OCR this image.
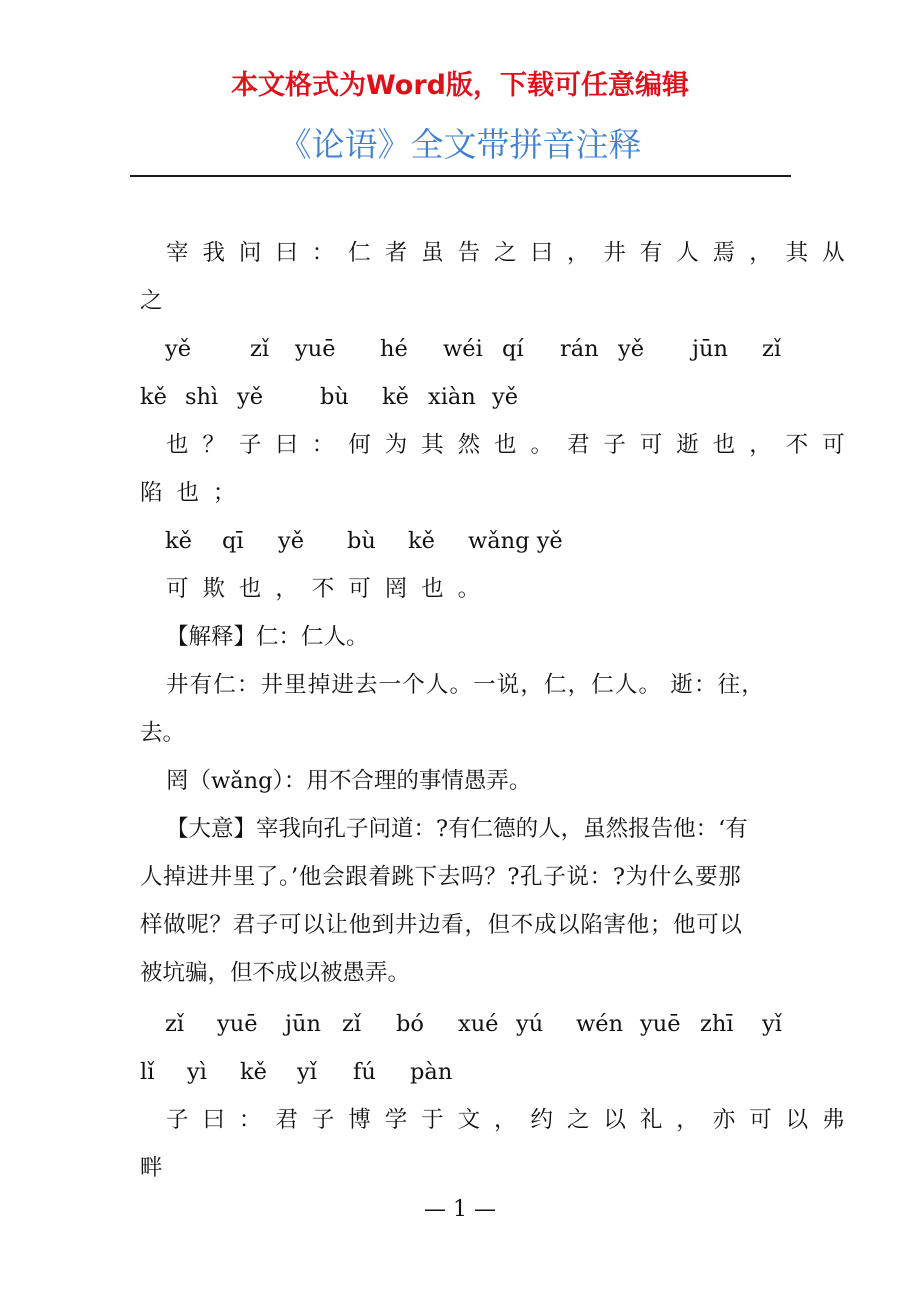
本文格式为Word版，下载可任意编辑
《论语》全文带拼音注释
宰我问曰：仁者虽告之曰，井有人焉，其从
之
yě	zǐ yuē hé wéi qí rán yě jūn zǐ
kě shì yě	bù kě xiàn yě
也？子曰：何为其然也。君子可逝也，不可
陷也；
kě qī yě bù kě wǎng yě
可欺也，不可罔也。
【解释】仁：仁人。
井有仁：井里掉进去一个人。一说，仁，仁人。 逝：往，
去。
罔（wǎng）：用不合理的事情愚弄。
【大意】宰我向孔子问道：?有仁德的人，虽然报告他：‘有
人掉进井里了。’他会跟着跳下去吗？?孔子说：?为什么要那
样做呢？君子可以让他到井边看，但不成以陷害他；他可以
被坑骗，但不成以被愚弄。
zǐ yuē jūn zǐ bó xué yú wén yuē zhī yǐ
lǐ yì kě yǐ fú pàn
子曰：君子博学于文，约之以礼，亦可以弗
畔
— 1 —
